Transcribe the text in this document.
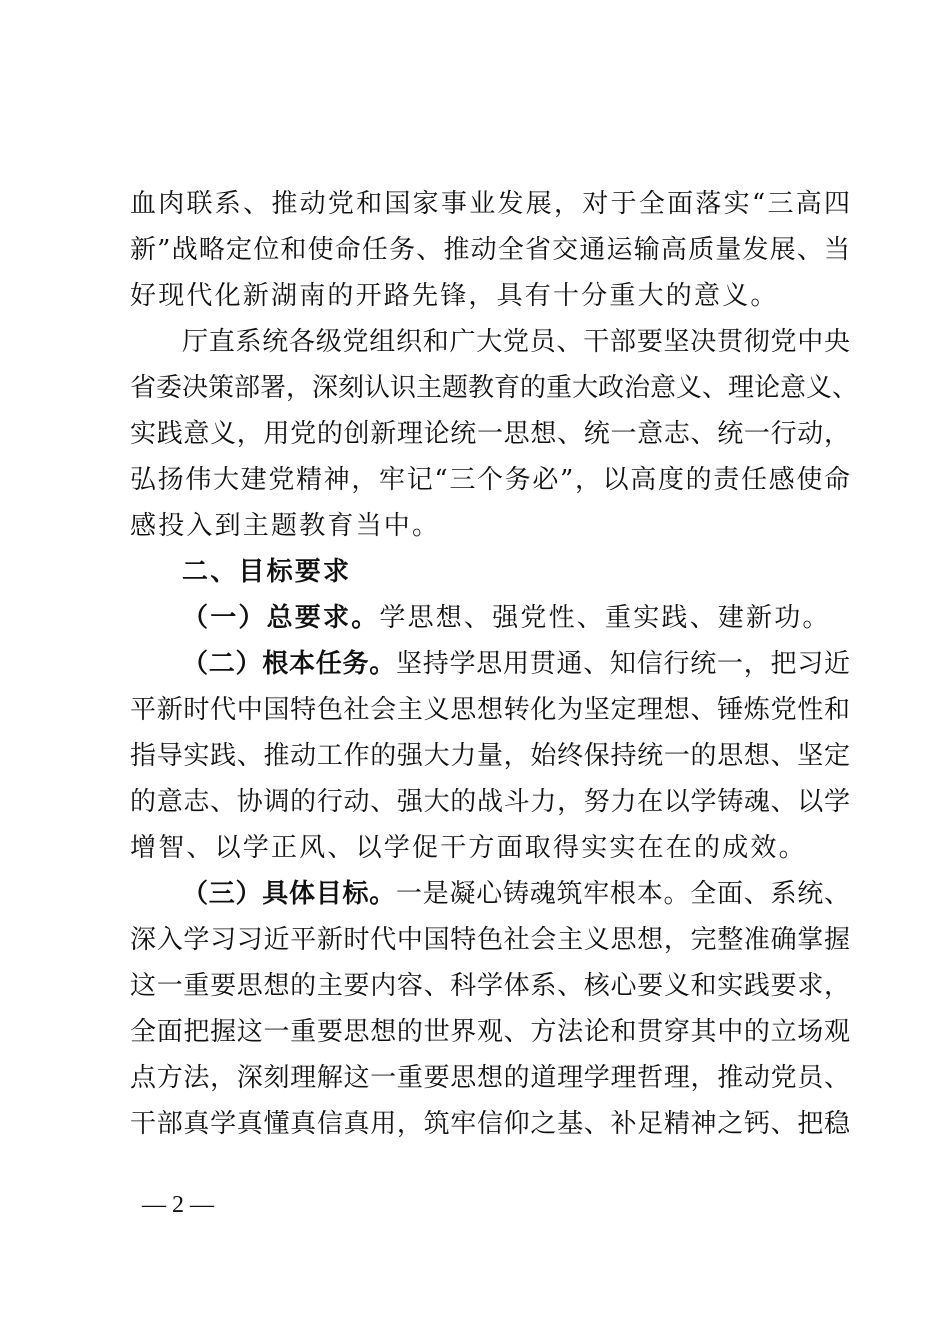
血肉联系、推动党和国家事业发展，对于全面落实“三高四
新”战略定位和使命任务、推动全省交通运输高质量发展、当
好现代化新湖南的开路先锋，具有十分重大的意义。
厅直系统各级党组织和广大党员、干部要坚决贯彻党中央
省委决策部署，深刻认识主题教育的重大政治意义、理论意义、
实践意义，用党的创新理论统一思想、统一意志、统一行动，
弘扬伟大建党精神，牢记“三个务必”，以高度的责任感使命
感投入到主题教育当中。
二、目标要求
（一）总要求。学思想、强党性、重实践、建新功。
（二）根本任务。坚持学思用贯通、知信行统一，把习近
平新时代中国特色社会主义思想转化为坚定理想、锤炼党性和
指导实践、推动工作的强大力量，始终保持统一的思想、坚定
的意志、协调的行动、强大的战斗力，努力在以学铸魂、以学
增智、以学正风、以学促干方面取得实实在在的成效。
（三）具体目标。一是凝心铸魂筑牢根本。全面、系统、
深入学习习近平新时代中国特色社会主义思想，完整准确掌握
这一重要思想的主要内容、科学体系、核心要义和实践要求，
全面把握这一重要思想的世界观、方法论和贯穿其中的立场观
点方法，深刻理解这一重要思想的道理学理哲理，推动党员、
干部真学真懂真信真用，筑牢信仰之基、补足精神之钙、把稳
— 2 —
